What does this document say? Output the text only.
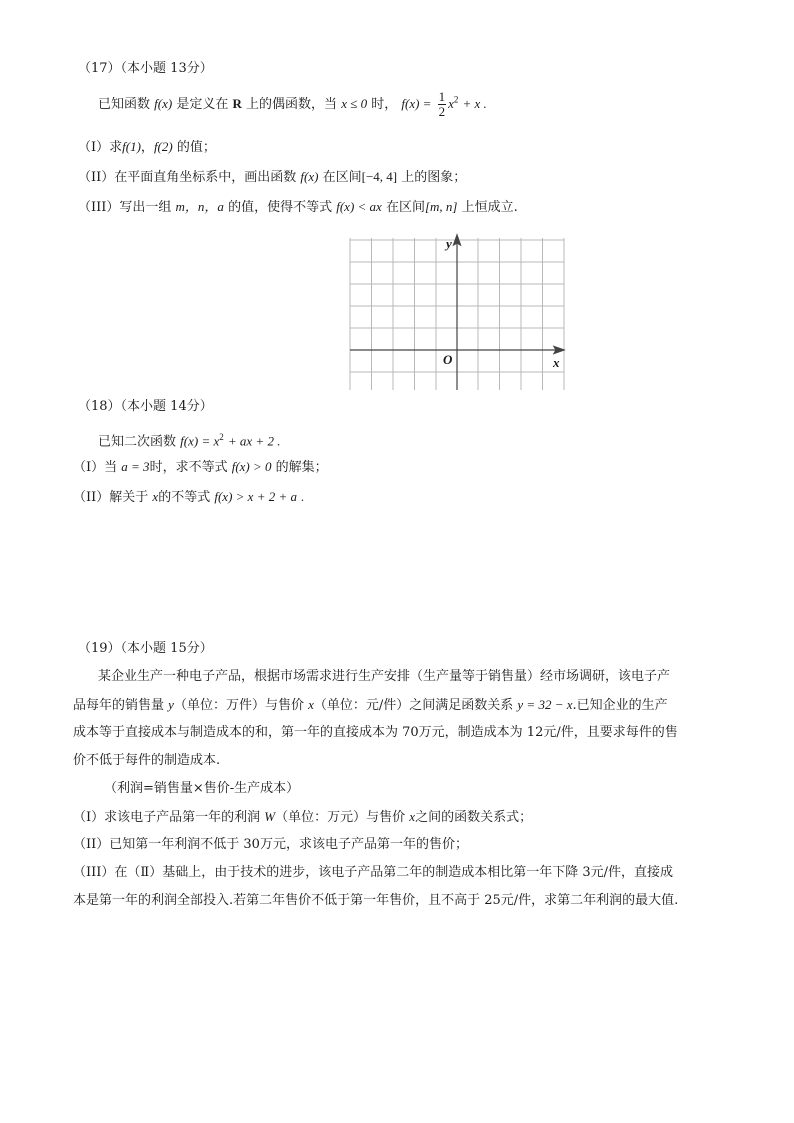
（17）（本小题 13分）
已知函数 f(x) 是定义在 R 上的偶函数，当 x ≤ 0 时， $f(x) = \frac{1}{2} x^2 + x$ .
（Ⅰ）求f(1)，f(2) 的值；
（II）在平面直角坐标系中，画出函数 f(x) 在区间[−4, 4] 上的图象；
（III）写出一组 m，n，a 的值，使得不等式 f(x) < ax 在区间[m, n] 上恒成立.
y
x
O
（18）（本小题 14分）
已知二次函数 $f(x) = x^2$ + ax + 2 .
（I）当 a = 3时，求不等式 f(x) > 0 的解集；
（II）解关于 x的不等式 f(x) > x + 2 + a .
（19）（本小题 15分）
某企业生产一种电子产品，根据市场需求进行生产安排（生产量等于销售量）经市场调研，该电子产
品每年的销售量 y（单位：万件）与售价 x（单位：元/件）之间满足函数关系 y = 32 − x.已知企业的生产
成本等于直接成本与制造成本的和，第一年的直接成本为 70万元，制造成本为 12元/件，且要求每件的售
价不低于每件的制造成本.
（利润=销售量×售价-生产成本）
（I）求该电子产品第一年的利润 W（单位：万元）与售价 x之间的函数关系式；
（II）已知第一年利润不低于 30万元，求该电子产品第一年的售价；
（III）在（Ⅱ）基础上，由于技术的进步，该电子产品第二年的制造成本相比第一年下降 3元/件，直接成
本是第一年的利润全部投入.若第二年售价不低于第一年售价，且不高于 25元/件，求第二年利润的最大值.
